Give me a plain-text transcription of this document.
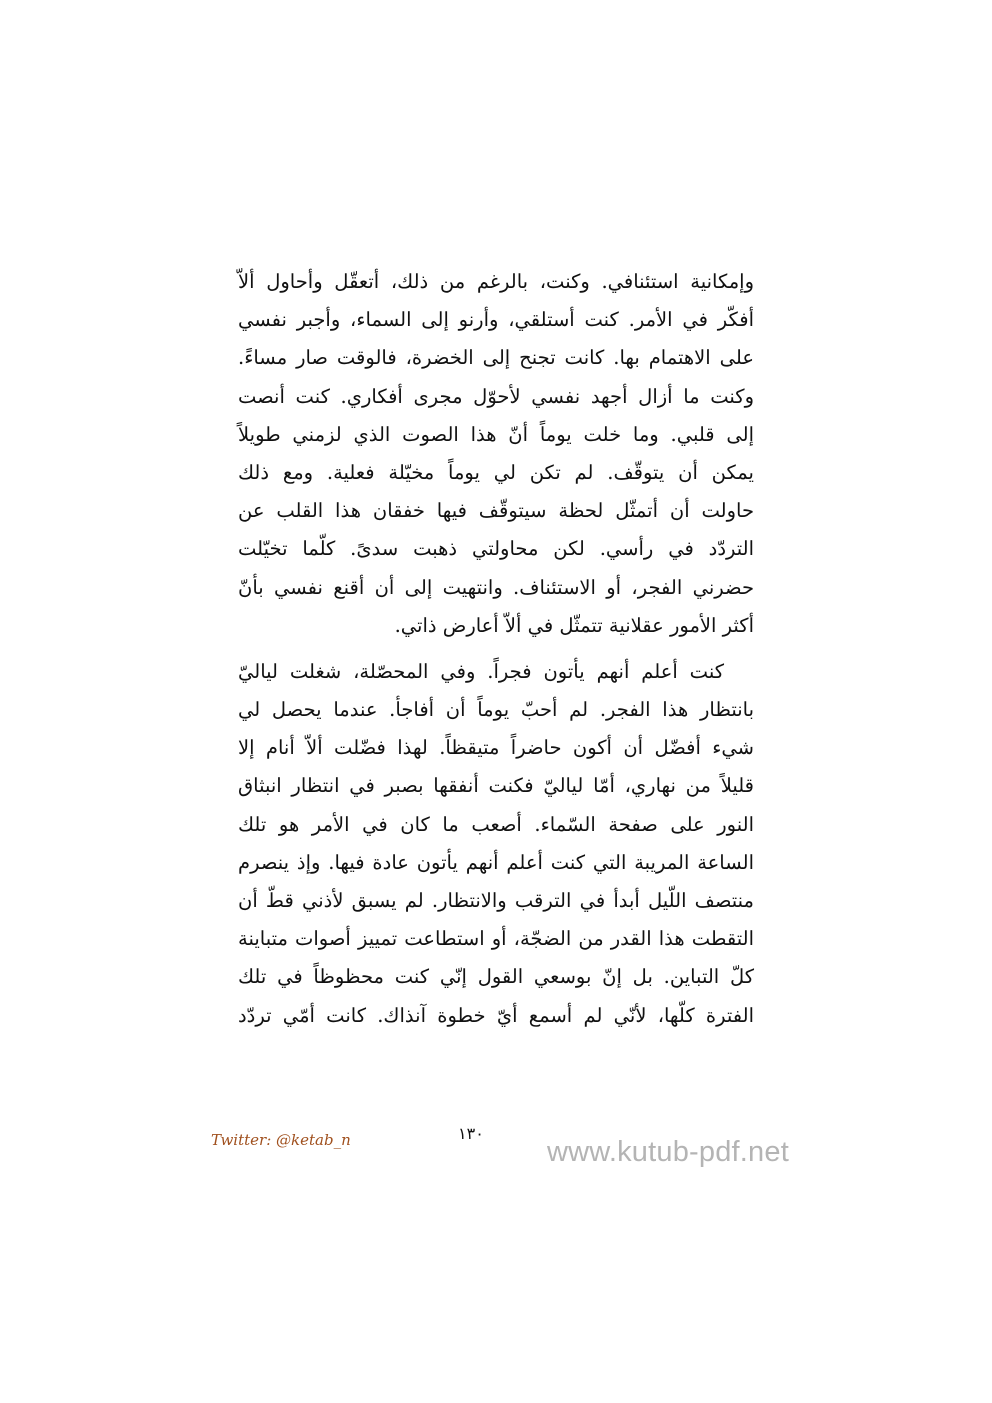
وإمكانية استئنافي. وكنت، بالرغم من ذلك، أتعقّل وأحاول ألاّ
أفكّر في الأمر. كنت أستلقي، وأرنو إلى السماء، وأجبر نفسي
على الاهتمام بها. كانت تجنح إلى الخضرة، فالوقت صار مساءً.
وكنت ما أزال أجهد نفسي لأحوّل مجرى أفكاري. كنت أنصت
إلى قلبي. وما خلت يوماً أنّ هذا الصوت الذي لزمني طويلاً
يمكن أن يتوقّف. لم تكن لي يوماً مخيّلة فعلية. ومع ذلك
حاولت أن أتمثّل لحظة سيتوقّف فيها خفقان هذا القلب عن
التردّد في رأسي. لكن محاولتي ذهبت سدىً. كلّما تخيّلت
حضرني الفجر، أو الاستئناف. وانتهيت إلى أن أقنع نفسي بأنّ
أكثر الأمور عقلانية تتمثّل في ألاّ أعارض ذاتي.
كنت أعلم أنهم يأتون فجراً. وفي المحصّلة، شغلت لياليّ
بانتظار هذا الفجر. لم أحبّ يوماً أن أفاجأ. عندما يحصل لي
شيء أفضّل أن أكون حاضراً متيقظاً. لهذا فضّلت ألاّ أنام إلا
قليلاً من نهاري، أمّا لياليّ فكنت أنفقها بصبر في انتظار انبثاق
النور على صفحة السّماء. أصعب ما كان في الأمر هو تلك
الساعة المريبة التي كنت أعلم أنهم يأتون عادة فيها. وإذ ينصرم
منتصف اللّيل أبدأ في الترقب والانتظار. لم يسبق لأذني قطّ أن
التقطت هذا القدر من الضجّة، أو استطاعت تمييز أصوات متباينة
كلّ التباين. بل إنّ بوسعي القول إنّي كنت محظوظاً في تلك
الفترة كلّها، لأنّي لم أسمع أيّ خطوة آنذاك. كانت أمّي تردّد
Twitter: @ketab_n	١٣٠
www.kutub-pdf.net
